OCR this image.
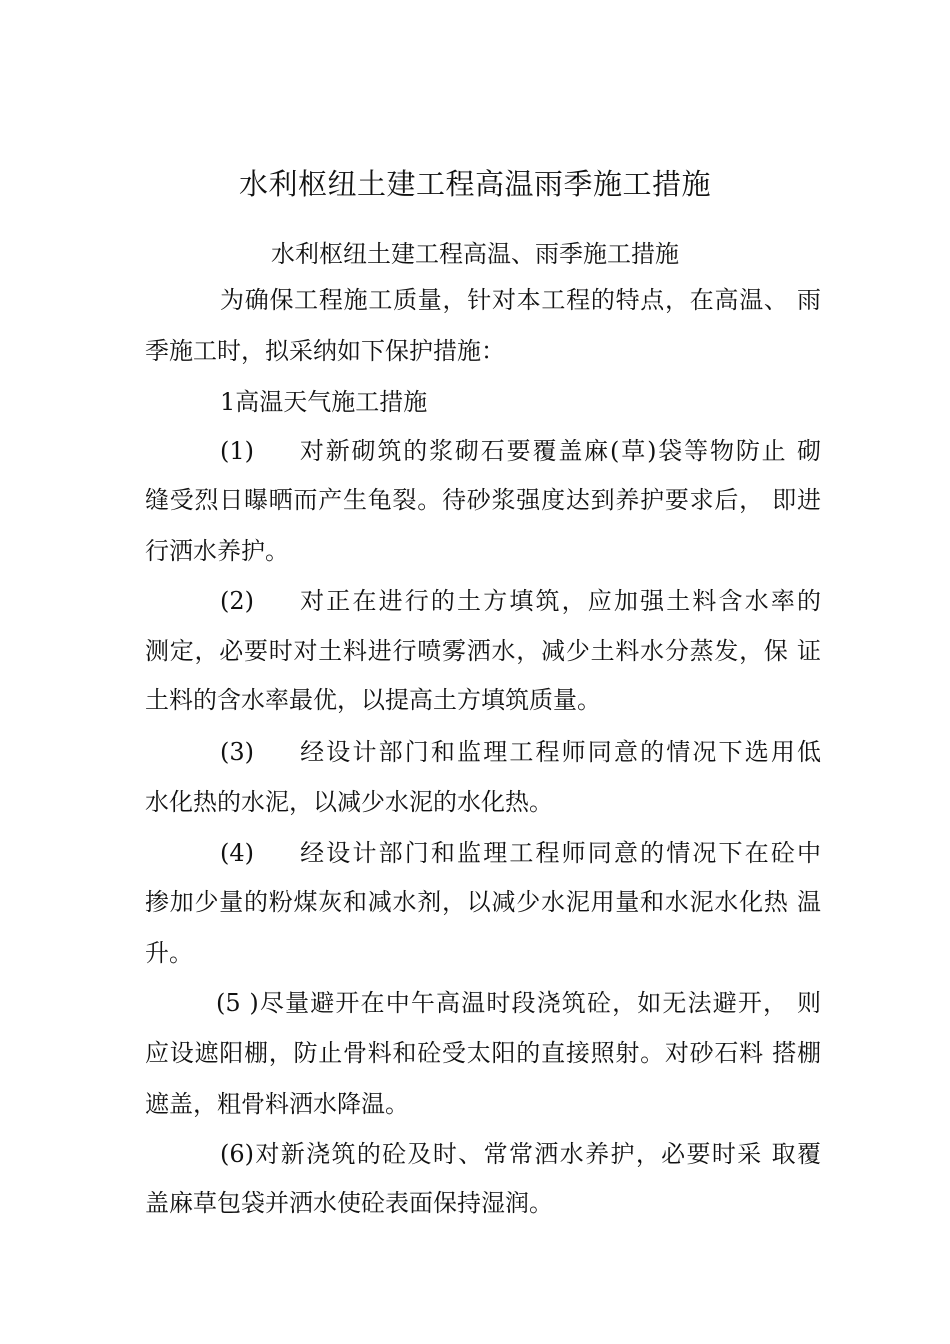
水利枢纽土建工程高温雨季施工措施
水利枢纽土建工程高温、雨季施工措施
为确保工程施工质量，针对本工程的特点，在高温、 雨
季施工时，拟采纳如下保护措施：
1高温天气施工措施
(1) 对新砌筑的浆砌石要覆盖麻(草)袋等物防止 砌
缝受烈日曝晒而产生龟裂。待砂浆强度达到养护要求后， 即进
行洒水养护。
(2) 对正在进行的土方填筑，应加强土料含水率的
测定，必要时对土料进行喷雾洒水，减少土料水分蒸发，保 证
土料的含水率最优，以提高土方填筑质量。
(3) 经设计部门和监理工程师同意的情况下选用低
水化热的水泥，以减少水泥的水化热。
(4) 经设计部门和监理工程师同意的情况下在砼中
掺加少量的粉煤灰和减水剂，以减少水泥用量和水泥水化热 温
升。
(5 )尽量避开在中午高温时段浇筑砼，如无法避开， 则
应设遮阳棚，防止骨料和砼受太阳的直接照射。对砂石料 搭棚
遮盖，粗骨料洒水降温。
(6)对新浇筑的砼及时、常常洒水养护，必要时采 取覆
盖麻草包袋并洒水使砼表面保持湿润。
